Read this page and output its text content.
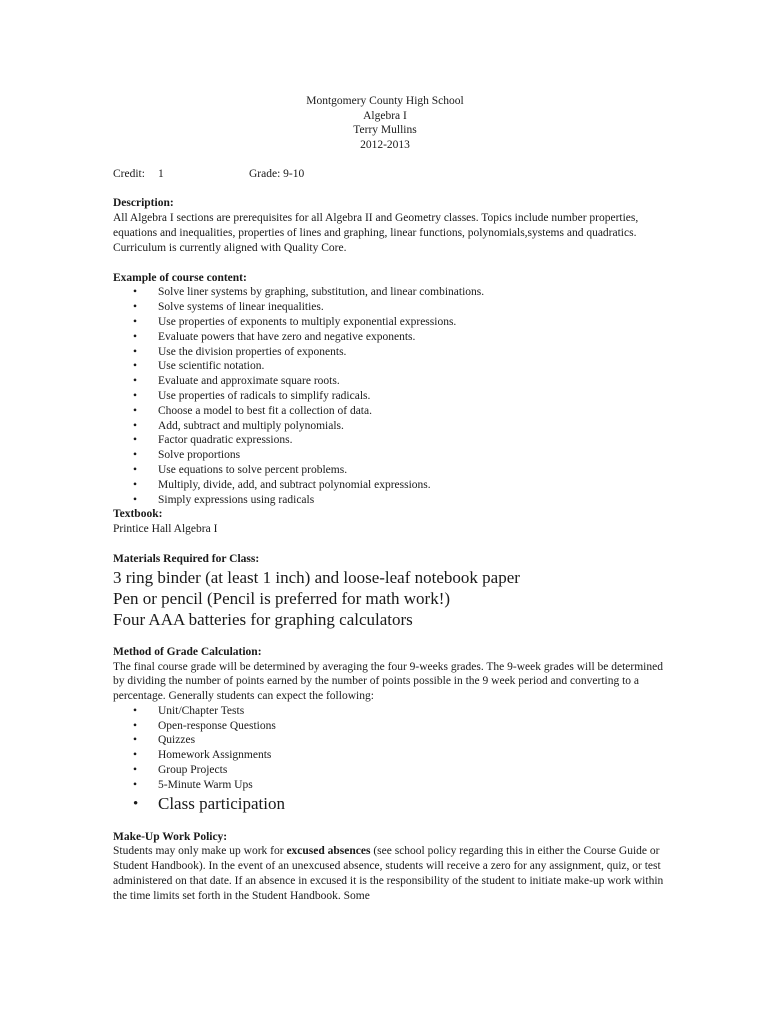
Montgomery County High School
Algebra I
Terry Mullins
2012-2013
Credit: 1	Grade: 9-10
Description:

All Algebra I sections are prerequisites for all Algebra II and Geometry classes. Topics include number properties, equations and inequalities, properties of lines and graphing, linear functions, polynomials,systems and quadratics. Curriculum is currently aligned with Quality Core.

Example of course content:
• Solve liner systems by graphing, substitution, and linear combinations.
• Solve systems of linear inequalities.
• Use properties of exponents to multiply exponential expressions.
• Evaluate powers that have zero and negative exponents.
• Use the division properties of exponents.
• Use scientific notation.
• Evaluate and approximate square roots.
• Use properties of radicals to simplify radicals.
• Choose a model to best fit a collection of data.
• Add, subtract and multiply polynomials.
• Factor quadratic expressions.
• Solve proportions
• Use equations to solve percent problems.
• Multiply, divide, add, and subtract polynomial expressions.
• Simply expressions using radicals
Textbook:

Printice Hall Algebra I

Materials Required for Class:
3 ring binder (at least 1 inch) and loose-leaf notebook paper
Pen or pencil (Pencil is preferred for math work!)
Four AAA batteries for graphing calculators
Method of Grade Calculation:

The final course grade will be determined by averaging the four 9-weeks grades. The 9-week grades will be determined by dividing the number of points earned by the number of points possible in the 9 week period and converting to a percentage. Generally students can expect the following:

• Unit/Chapter Tests
• Open-response Questions
• Quizzes
• Homework Assignments
• Group Projects
• 5-Minute Warm Ups
• Class participation
Make-Up Work Policy:

Students may only make up work for excused absences (see school policy regarding this in either the Course Guide or Student Handbook). In the event of an unexcused absence, students will receive a zero for any assignment, quiz, or test administered on that date. If an absence in excused it is the responsibility of the student to initiate make-up work within the time limits set forth in the Student Handbook. Some
